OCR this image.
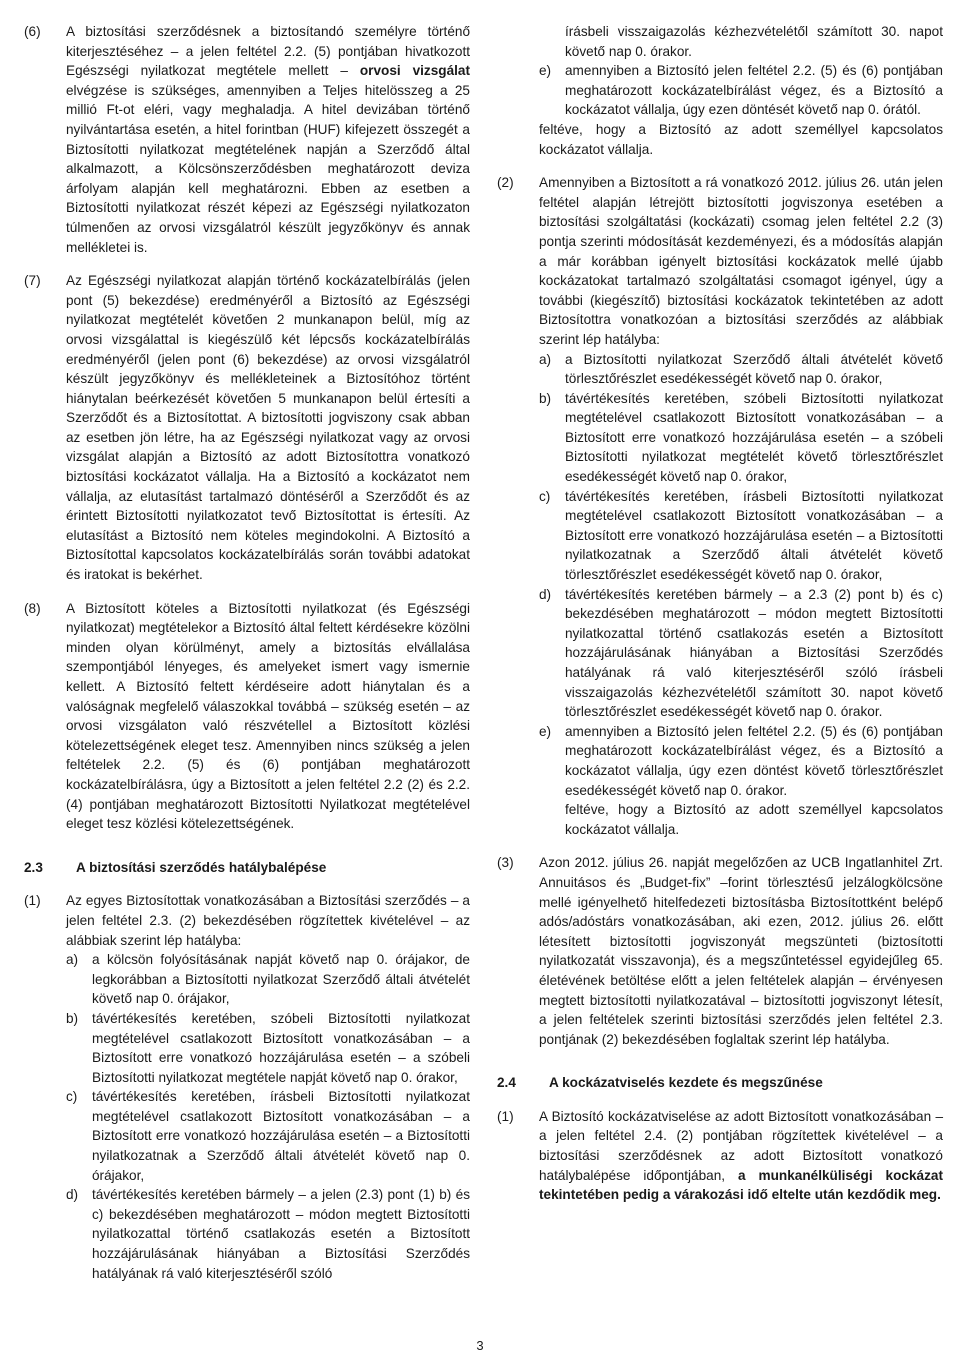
(6) A biztosítási szerződésnek a biztosítandó személyre történő kiterjesztéséhez – a jelen feltétel 2.2. (5) pontjában hivatkozott Egészségi nyilatkozat megtétele mellett – orvosi vizsgálat elvégzése is szükséges, amennyiben a Teljes hitelösszeg a 25 millió Ft-ot eléri, vagy meghaladja. A hitel devizában történő nyilvántartása esetén, a hitel forintban (HUF) kifejezett összegét a Biztosítotti nyilatkozat megtételének napján a Szerződő által alkalmazott, a Kölcsönszerződésben meghatározott deviza árfolyam alapján kell meghatározni. Ebben az esetben a Biztosítotti nyilatkozat részét képezi az Egészségi nyilatkozaton túlmenően az orvosi vizsgálatról készült jegyzőkönyv és annak mellékletei is.

(7) Az Egészségi nyilatkozat alapján történő kockázatelbírálás (jelen pont (5) bekezdése) eredményéről a Biztosító az Egészségi nyilatkozat megtételét követően 2 munkanapon belül, míg az orvosi vizsgálattal is kiegészülő két lépcsős kockázatelbírálás eredményéről (jelen pont (6) bekezdése) az orvosi vizsgálatról készült jegyzőkönyv és mellékleteinek a Biztosítóhoz történt hiánytalan beérkezését követően 5 munkanapon belül értesíti a Szerződőt és a Biztosítottat. A biztosítotti jogviszony csak abban az esetben jön létre, ha az Egészségi nyilatkozat vagy az orvosi vizsgálat alapján a Biztosító az adott Biztosítottra vonatkozó biztosítási kockázatot vállalja. Ha a Biztosító a kockázatot nem vállalja, az elutasítást tartalmazó döntéséről a Szerződőt és az érintett Biztosítotti nyilatkozatot tevő Biztosítottat is értesíti. Az elutasítást a Biztosító nem köteles megindokolni. A Biztosító a Biztosítottal kapcsolatos kockázatelbírálás során további adatokat és iratokat is bekérhet.

(8) A Biztosított köteles a Biztosítotti nyilatkozat (és Egészségi nyilatkozat) megtételekor a Biztosító által feltett kérdésekre közölni minden olyan körülményt, amely a biztosítás elvállalása szempontjából lényeges, és amelyeket ismert vagy ismernie kellett. A Biztosító feltett kérdéseire adott hiánytalan és a valóságnak megfelelő válaszokkal továbbá – szükség esetén – az orvosi vizsgálaton való részvétellel a Biztosított közlési kötelezettségének eleget tesz. Amennyiben nincs szükség a jelen feltételek 2.2. (5) és (6) pontjában meghatározott kockázatelbírálásra, úgy a Biztosított a jelen feltétel 2.2 (2) és 2.2. (4) pontjában meghatározott Biztosítotti Nyilatkozat megtételével eleget tesz közlési kötelezettségének.

2.3 A biztosítási szerződés hatálybalépése
(1) Az egyes Biztosítottak vonatkozásában a Biztosítási szerződés – a jelen feltétel 2.3. (2) bekezdésében rögzítettek kivételével – az alábbiak szerint lép hatályba:

a) a kölcsön folyósításának napját követő nap 0. órájakor, de legkorábban a Biztosítotti nyilatkozat Szerződő általi átvételét követő nap 0. órájakor,
b) távértékesítés keretében, szóbeli Biztosítotti nyilatkozat megtételével csatlakozott Biztosított vonatkozásában – a Biztosított erre vonatkozó hozzájárulása esetén – a szóbeli Biztosítotti nyilatkozat megtétele napját követő nap 0. órakor,
c) távértékesítés keretében, írásbeli Biztosítotti nyilatkozat megtételével csatlakozott Biztosított vonatkozásában – a Biztosított erre vonatkozó hozzájárulása esetén – a Biztosítotti nyilatkozatnak a Szerződő általi átvételét követő nap 0. órájakor,
d) távértékesítés keretében bármely – a jelen (2.3) pont (1) b) és c) bekezdésében meghatározott – módon megtett Biztosítotti nyilatkozattal történő csatlakozás esetén a Biztosított hozzájárulásának hiányában a Biztosítási Szerződés hatályának rá való kiterjesztéséről szóló
írásbeli visszaigazolás kézhezvételétől számított 30. napot követő nap 0. órakor.
e) amennyiben a Biztosító jelen feltétel 2.2. (5) és (6) pontjában meghatározott kockázatelbírálást végez, és a Biztosító a kockázatot vállalja, úgy ezen döntését követő nap 0. órától.

feltéve, hogy a Biztosító az adott személlyel kapcsolatos kockázatot vállalja.

(2) Amennyiben a Biztosított a rá vonatkozó 2012. július 26. után jelen feltétel alapján létrejött biztosítotti jogviszonya esetében a biztosítási szolgáltatási (kockázati) csomag jelen feltétel 2.2 (3) pontja szerinti módosítását kezdeményezi, és a módosítás alapján a már korábban igényelt biztosítási kockázatok mellé újabb kockázatokat tartalmazó szolgáltatási csomagot igényel, úgy a további (kiegészítő) biztosítási kockázatok tekintetében az adott Biztosítottra vonatkozóan a biztosítási szerződés az alábbiak szerint lép hatályba:

a) a Biztosítotti nyilatkozat Szerződő általi átvételét követő törlesztőrészlet esedékességét követő nap 0. órakor,
b) távértékesítés keretében, szóbeli Biztosítotti nyilatkozat megtételével csatlakozott Biztosított vonatkozásában – a Biztosított erre vonatkozó hozzájárulása esetén – a szóbeli Biztosítotti nyilatkozat megtételét követő törlesztőrészlet esedékességét követő nap 0. órakor,
c) távértékesítés keretében, írásbeli Biztosítotti nyilatkozat megtételével csatlakozott Biztosított vonatkozásában – a Biztosított erre vonatkozó hozzájárulása esetén – a Biztosítotti nyilatkozatnak a Szerződő általi átvételét követő törlesztőrészlet esedékességét követő nap 0. órakor,
d) távértékesítés keretében bármely – a 2.3 (2) pont b) és c) bekezdésében meghatározott – módon megtett Biztosítotti nyilatkozattal történő csatlakozás esetén a Biztosított hozzájárulásának hiányában a Biztosítási Szerződés hatályának rá való kiterjesztéséről szóló írásbeli visszaigazolás kézhezvételétől számított 30. napot követő törlesztőrészlet esedékességét követő nap 0. órakor.
e) amennyiben a Biztosító jelen feltétel 2.2. (5) és (6) pontjában meghatározott kockázatelbírálást végez, és a Biztosító a kockázatot vállalja, úgy ezen döntést követő törlesztőrészlet esedékességét követő nap 0. órakor.

feltéve, hogy a Biztosító az adott személlyel kapcsolatos kockázatot vállalja.

(3) Azon 2012. július 26. napját megelőzően az UCB Ingatlanhitel Zrt. Annuitásos és „Budget-fix” –forint törlesztésű jelzálogkölcsöne mellé igényelhető hitelfedezeti biztosításba Biztosítottként belépő adós/adóstárs vonatkozásában, aki ezen, 2012. július 26. előtt létesített biztosítotti jogviszonyát megszünteti (biztosítotti nyilatkozatát visszavonja), és a megszűntetéssel egyidejűleg 65. életévének betöltése előtt a jelen feltételek alapján – érvényesen megtett biztosítotti nyilatkozatával – biztosítotti jogviszonyt létesít, a jelen feltételek szerinti biztosítási szerződés jelen feltétel 2.3. pontjának (2) bekezdésében foglaltak szerint lép hatályba.

2.4 A kockázatviselés kezdete és megszűnése
(1) A Biztosító kockázatviselése az adott Biztosított vonatkozásában – a jelen feltétel 2.4. (2) pontjában rögzítettek kivételével – a biztosítási szerződésnek az adott Biztosított vonatkozó hatálybalépése időpontjában, a munkanélküliségi kockázat tekintetében pedig a várakozási idő eltelte után kezdődik meg.

3
